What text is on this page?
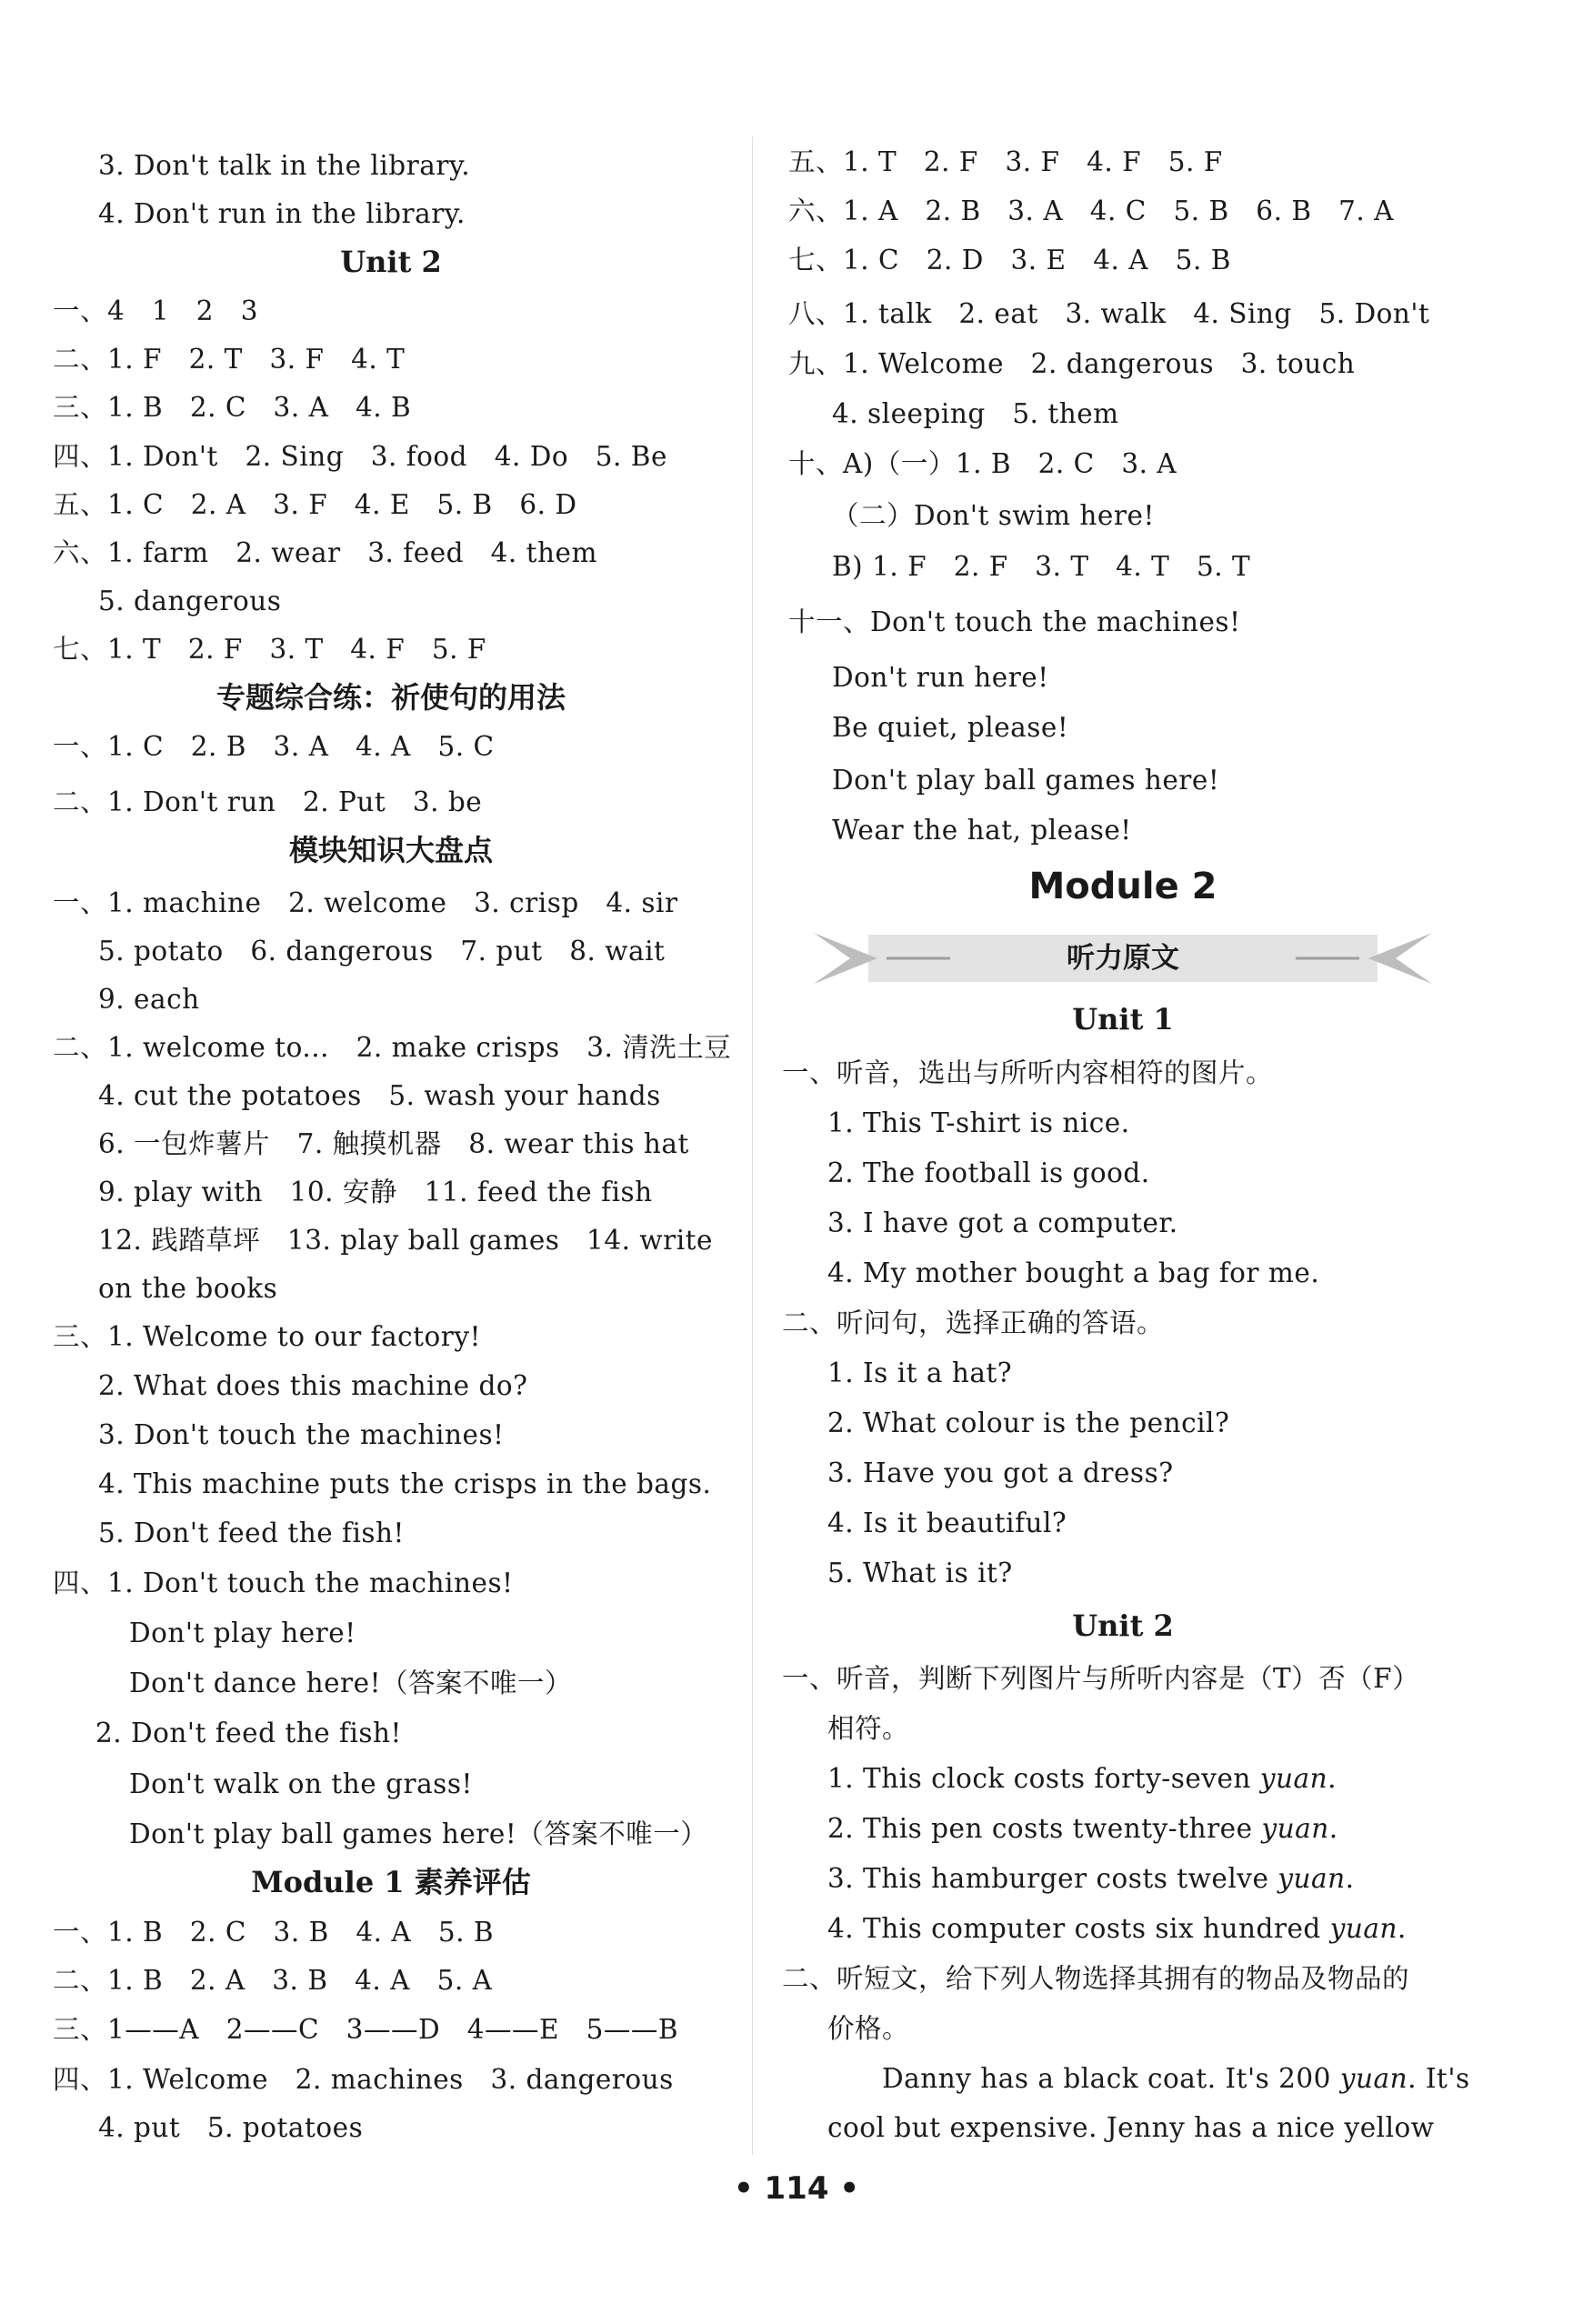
3. Don't talk in the library.
4. Don't run in the library.
Unit 2
一、4   1   2   3
二、1. F   2. T   3. F   4. T
三、1. B   2. C   3. A   4. B
四、1. Don't   2. Sing   3. food   4. Do   5. Be
五、1. C   2. A   3. F   4. E   5. B   6. D
六、1. farm   2. wear   3. feed   4. them
5. dangerous
七、1. T   2. F   3. T   4. F   5. F
专题综合练：祈使句的用法
一、1. C   2. B   3. A   4. A   5. C
二、1. Don't run   2. Put   3. be
模块知识大盘点
一、1. machine   2. welcome   3. crisp   4. sir
5. potato   6. dangerous   7. put   8. wait
9. each
二、1. welcome to...   2. make crisps   3. 清洗土豆
4. cut the potatoes   5. wash your hands
6. 一包炸薯片   7. 触摸机器   8. wear this hat
9. play with   10. 安静   11. feed the fish
12. 践踏草坪   13. play ball games   14. write
on the books
三、1. Welcome to our factory!
2. What does this machine do?
3. Don't touch the machines!
4. This machine puts the crisps in the bags.
5. Don't feed the fish!
四、1. Don't touch the machines!
Don't play here!
Don't dance here!（答案不唯一）
2. Don't feed the fish!
Don't walk on the grass!
Don't play ball games here!（答案不唯一）
Module 1 素养评估
一、1. B   2. C   3. B   4. A   5. B
二、1. B   2. A   3. B   4. A   5. A
三、1——A   2——C   3——D   4——E   5——B
四、1. Welcome   2. machines   3. dangerous
4. put   5. potatoes
五、1. T   2. F   3. F   4. F   5. F
六、1. A   2. B   3. A   4. C   5. B   6. B   7. A
七、1. C   2. D   3. E   4. A   5. B
八、1. talk   2. eat   3. walk   4. Sing   5. Don't
九、1. Welcome   2. dangerous   3. touch
4. sleeping   5. them
十、A)（一）1. B   2. C   3. A
（二）Don't swim here!
B) 1. F   2. F   3. T   4. T   5. T
十一、Don't touch the machines!
Don't run here!
Be quiet, please!
Don't play ball games here!
Wear the hat, please!
Module 2
听力原文
Unit 1
一、听音，选出与所听内容相符的图片。
1. This T-shirt is nice.
2. The football is good.
3. I have got a computer.
4. My mother bought a bag for me.
二、听问句，选择正确的答语。
1. Is it a hat?
2. What colour is the pencil?
3. Have you got a dress?
4. Is it beautiful?
5. What is it?
Unit 2
一、听音，判断下列图片与所听内容是（T）否（F）
相符。
1. This clock costs forty-seven yuan.
2. This pen costs twenty-three yuan.
3. This hamburger costs twelve yuan.
4. This computer costs six hundred yuan.
二、听短文，给下列人物选择其拥有的物品及物品的
价格。
Danny has a black coat. It's 200 yuan. It's
cool but expensive. Jenny has a nice yellow
• 114 •
